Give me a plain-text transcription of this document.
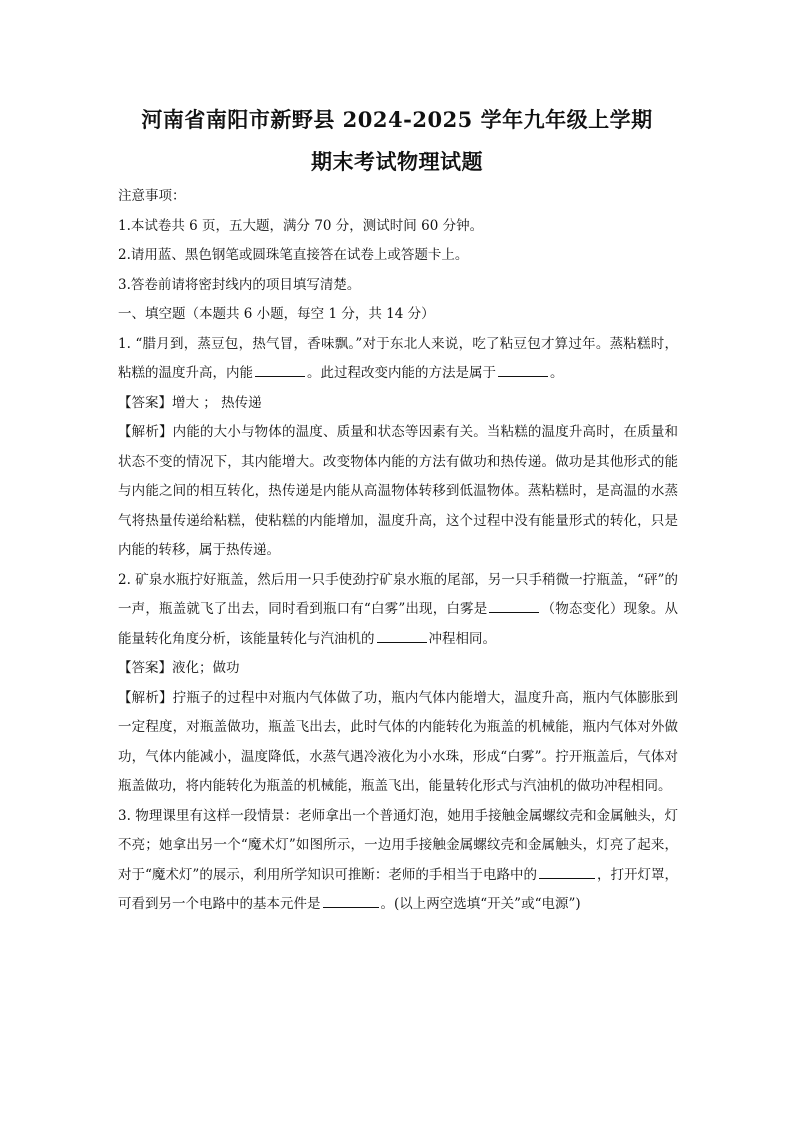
河南省南阳市新野县 2024-2025 学年九年级上学期
期末考试物理试题

注意事项：

1.本试卷共 6 页，五大题，满分 70 分，测试时间 60 分钟。

2.请用蓝、黑色钢笔或圆珠笔直接答在试卷上或答题卡上。

3.答卷前请将密封线内的项目填写清楚。

一、填空题（本题共 6 小题，每空 1 分，共 14 分）

1. “腊月到，蒸豆包，热气冒，香味飘。”对于东北人来说，吃了粘豆包才算过年。蒸粘糕时，粘糕的温度升高，内能	。此过程改变内能的方法是属于	。

【答案】增大 ； 热传递

【解析】内能的大小与物体的温度、质量和状态等因素有关。当粘糕的温度升高时，在质量和状态不变的情况下，其内能增大。改变物体内能的方法有做功和热传递。做功是其他形式的能与内能之间的相互转化，热传递是内能从高温物体转移到低温物体。蒸粘糕时，是高温的水蒸气将热量传递给粘糕，使粘糕的内能增加，温度升高，这个过程中没有能量形式的转化，只是内能的转移，属于热传递。

2. 矿泉水瓶拧好瓶盖，然后用一只手使劲拧矿泉水瓶的尾部，另一只手稍微一拧瓶盖，“砰”的一声，瓶盖就飞了出去，同时看到瓶口有“白雾”出现，白雾是	（物态变化）现象。从能量转化角度分析，该能量转化与汽油机的	冲程相同。

【答案】液化；做功

【解析】拧瓶子的过程中对瓶内气体做了功，瓶内气体内能增大，温度升高，瓶内气体膨胀到一定程度，对瓶盖做功，瓶盖飞出去，此时气体的内能转化为瓶盖的机械能，瓶内气体对外做功，气体内能减小，温度降低，水蒸气遇冷液化为小水珠，形成“白雾”。拧开瓶盖后，气体对瓶盖做功，将内能转化为瓶盖的机械能，瓶盖飞出，能量转化形式与汽油机的做功冲程相同。

3. 物理课里有这样一段情景：老师拿出一个普通灯泡，她用手接触金属螺纹壳和金属触头，灯不亮；她拿出另一个“魔术灯”如图所示，一边用手接触金属螺纹壳和金属触头，灯亮了起来，对于“魔术灯”的展示，利用所学知识可推断：老师的手相当于电路中的	，打开灯罩，可看到另一个电路中的基本元件是	。(以上两空选填“开关”或“电源”)
